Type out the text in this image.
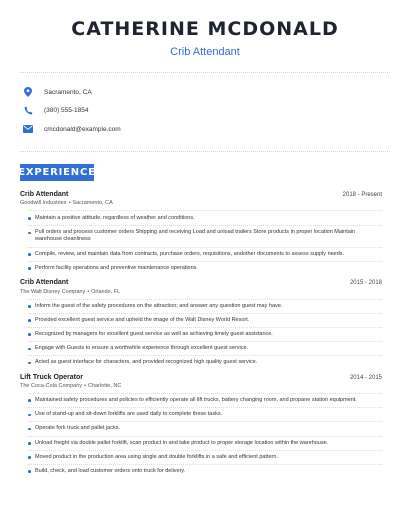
CATHERINE MCDONALD
Crib Attendant
Sacramento, CA
(380) 555-1854
cmcdonald@example.com
EXPERIENCE
Crib Attendant	2018 - Present
Goodwill Industries • Sacramento, CA
Maintain a positive attitude, regardless of weather and conditions.
Pull orders and process customer orders Shipping and receiving Load and unload trailers Store products in proper location Maintain warehouse cleanliness
Compile, review, and maintain data from contracts, purchase orders, requisitions, andother documents to assess supply needs.
Perform facility operations and preventive maintenance operations.
Crib Attendant	2015 - 2018
The Walt Disney Company • Orlando, FL
Inform the guest of the safety procedures on the attraction; and answer any question guest may have.
Provided excellent guest service and upheld the image of the Walt Disney World Resort.
Recognized by managers for excellent guest service as well as achieving timely guest assistance.
Engage with Guests to ensure a worthwhile experience through excellent guest service.
Acted as guest interface for characters, and provided recognized high quality guest service.
Lift Truck Operator	2014 - 2015
The Coca-Cola Company • Charlotte, NC
Maintained safety procedures and policies to efficiently operate all lift trucks, battery changing room, and propane station equipment.
Use of stand-up and sit-down forklifts are used daily to complete these tasks.
Operate fork truck and pallet jacks.
Unload freight via double pallet forklift, scan product in and take product to proper storage location within the warehouse.
Moved product in the production area using single and double forklifts in a safe and efficient pattern.
Build, check, and load customer orders onto truck for delivery.
